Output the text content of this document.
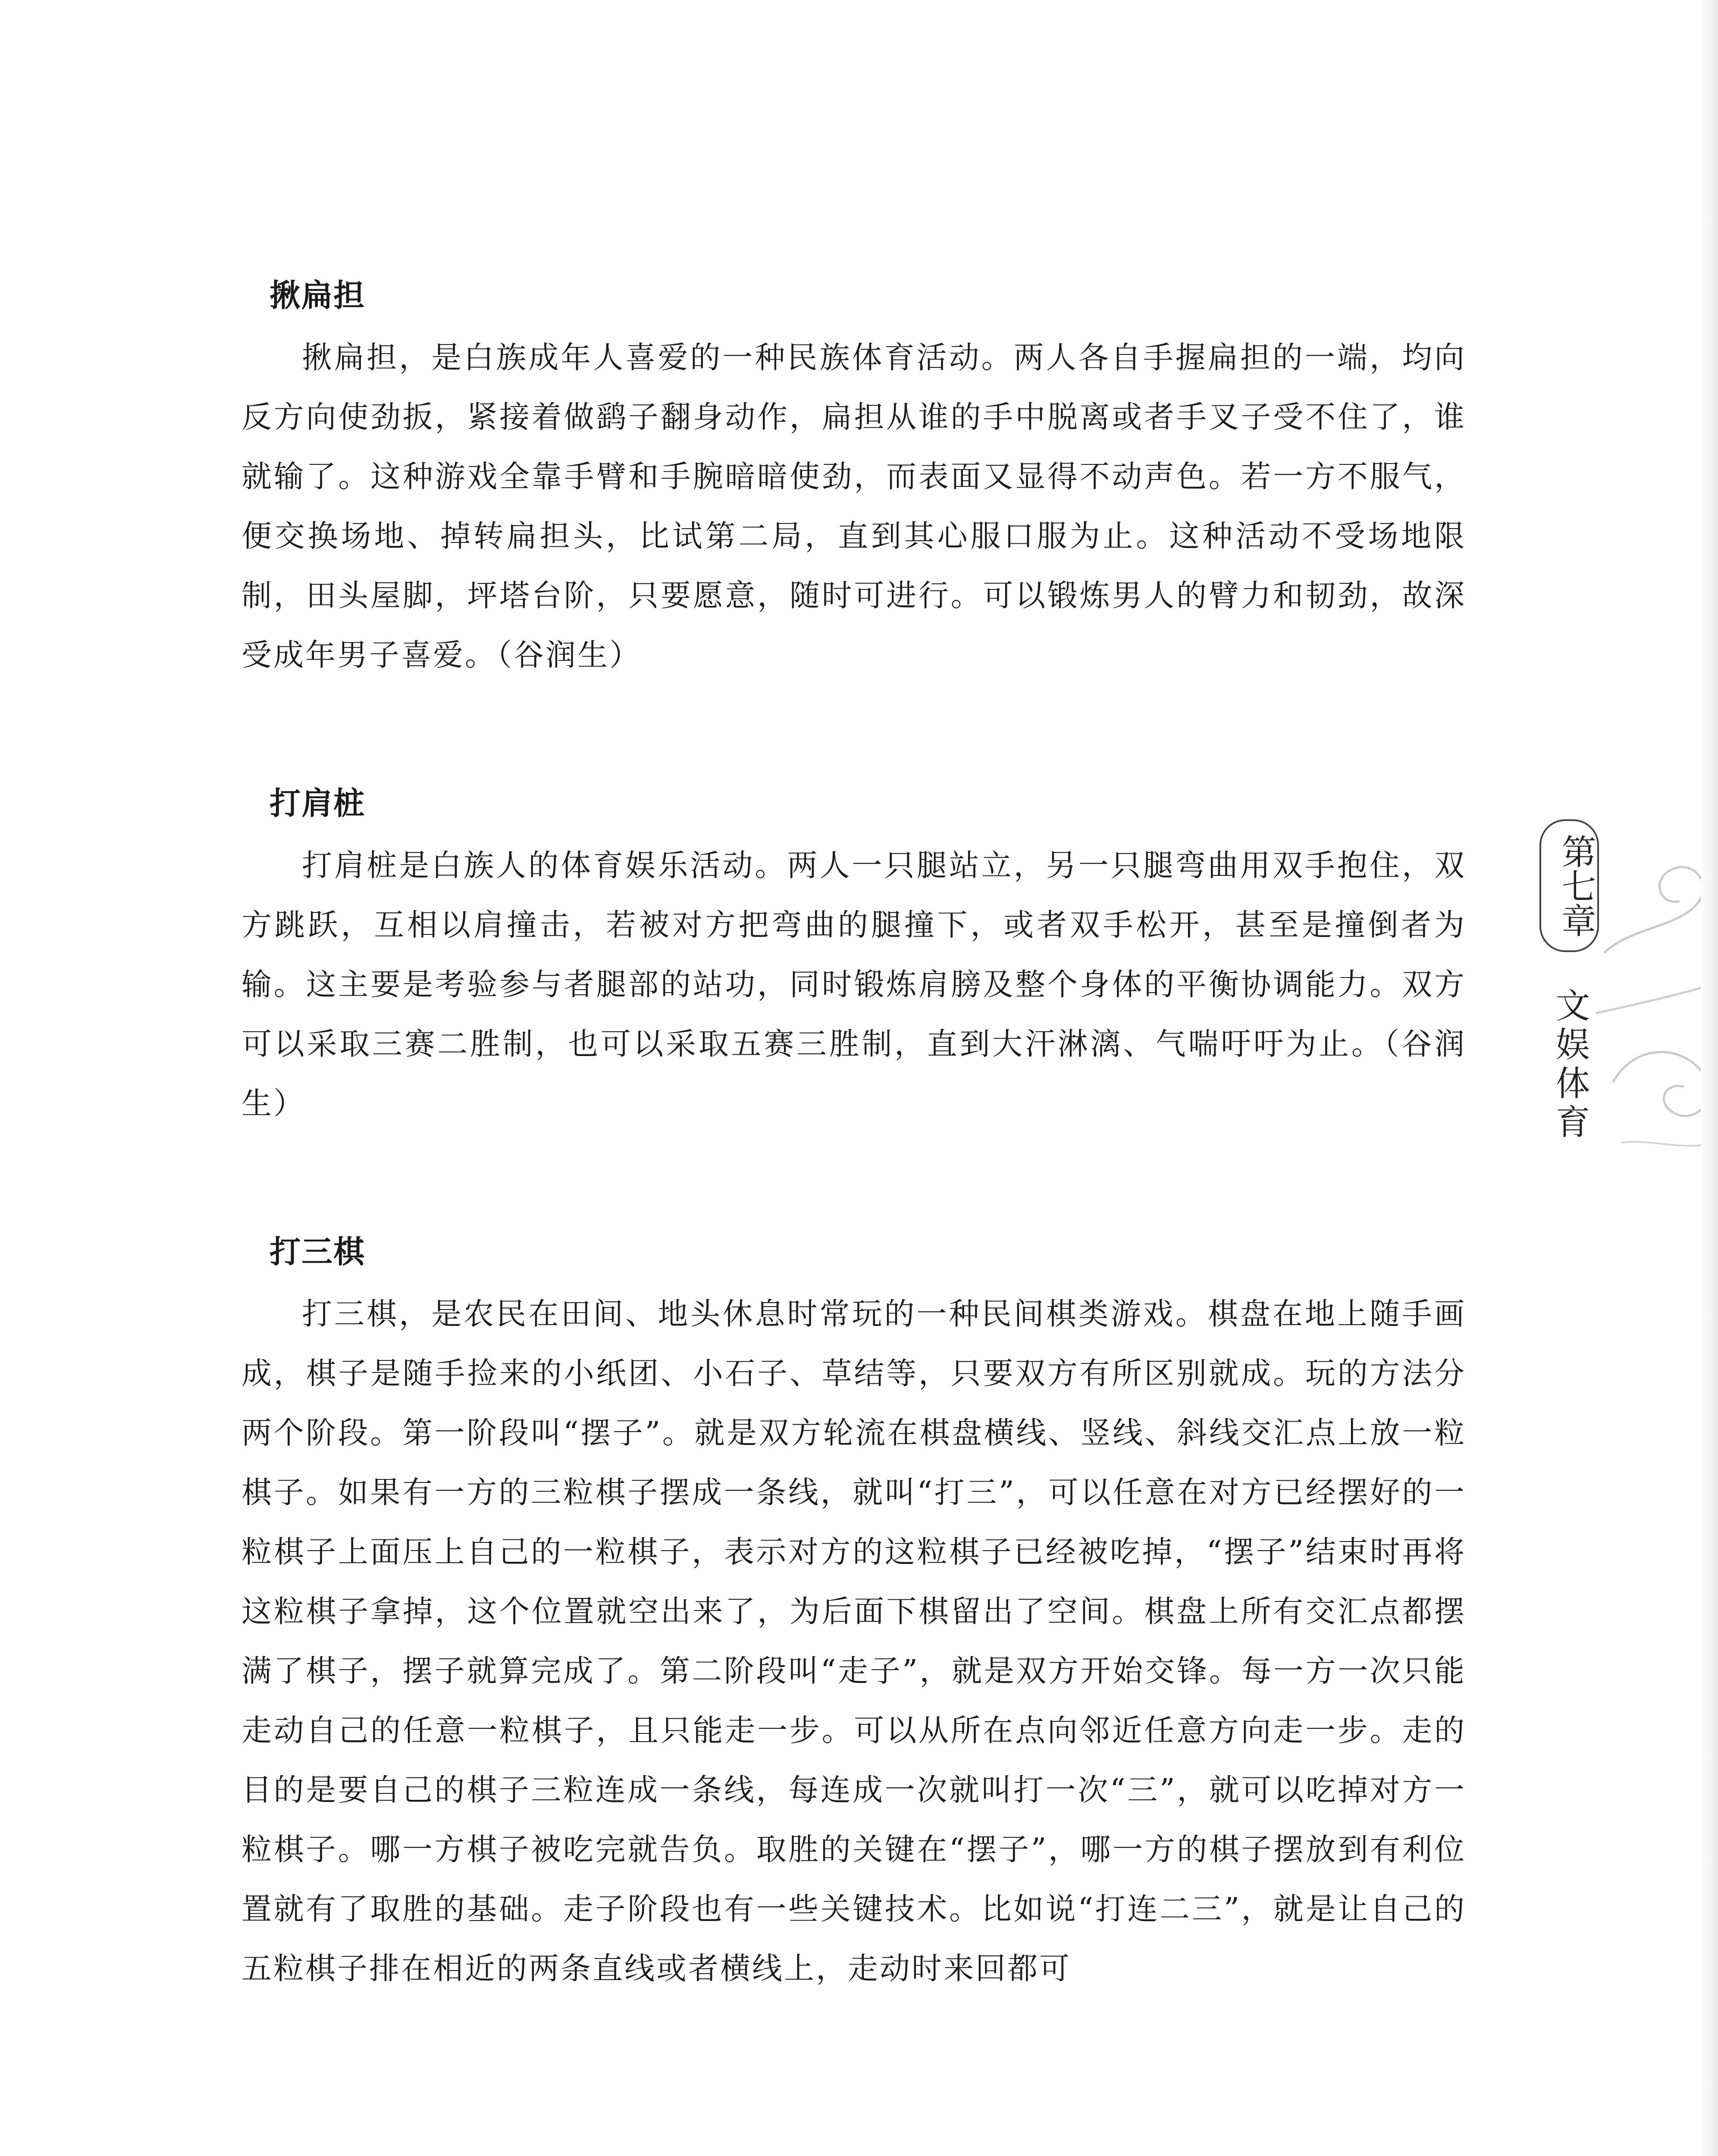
揪扁担

揪扁担，是白族成年人喜爱的一种民族体育活动。两人各自手握扁担的一端，均向反方向使劲扳，紧接着做鹞子翻身动作，扁担从谁的手中脱离或者手叉子受不住了，谁就输了。这种游戏全靠手臂和手腕暗暗使劲，而表面又显得不动声色。若一方不服气，便交换场地、掉转扁担头，比试第二局，直到其心服口服为止。这种活动不受场地限制，田头屋脚，坪塔台阶，只要愿意，随时可进行。可以锻炼男人的臂力和韧劲，故深受成年男子喜爱。（谷润生）

打肩桩

打肩桩是白族人的体育娱乐活动。两人一只腿站立，另一只腿弯曲用双手抱住，双方跳跃，互相以肩撞击，若被对方把弯曲的腿撞下，或者双手松开，甚至是撞倒者为输。这主要是考验参与者腿部的站功，同时锻炼肩膀及整个身体的平衡协调能力。双方可以采取三赛二胜制，也可以采取五赛三胜制，直到大汗淋漓、气喘吁吁为止。（谷润生）

打三棋

打三棋，是农民在田间、地头休息时常玩的一种民间棋类游戏。棋盘在地上随手画成，棋子是随手捡来的小纸团、小石子、草结等，只要双方有所区别就成。玩的方法分两个阶段。第一阶段叫“摆子”。就是双方轮流在棋盘横线、竖线、斜线交汇点上放一粒棋子。如果有一方的三粒棋子摆成一条线，就叫“打三”，可以任意在对方已经摆好的一粒棋子上面压上自己的一粒棋子，表示对方的这粒棋子已经被吃掉，“摆子”结束时再将这粒棋子拿掉，这个位置就空出来了，为后面下棋留出了空间。棋盘上所有交汇点都摆满了棋子，摆子就算完成了。第二阶段叫“走子”，就是双方开始交锋。每一方一次只能走动自己的任意一粒棋子，且只能走一步。可以从所在点向邻近任意方向走一步。走的目的是要自己的棋子三粒连成一条线，每连成一次就叫打一次“三”，就可以吃掉对方一粒棋子。哪一方棋子被吃完就告负。取胜的关键在“摆子”，哪一方的棋子摆放到有利位置就有了取胜的基础。走子阶段也有一些关键技术。比如说“打连二三”，就是让自己的五粒棋子排在相近的两条直线或者横线上，走动时来回都可

第七章
文娱体育
